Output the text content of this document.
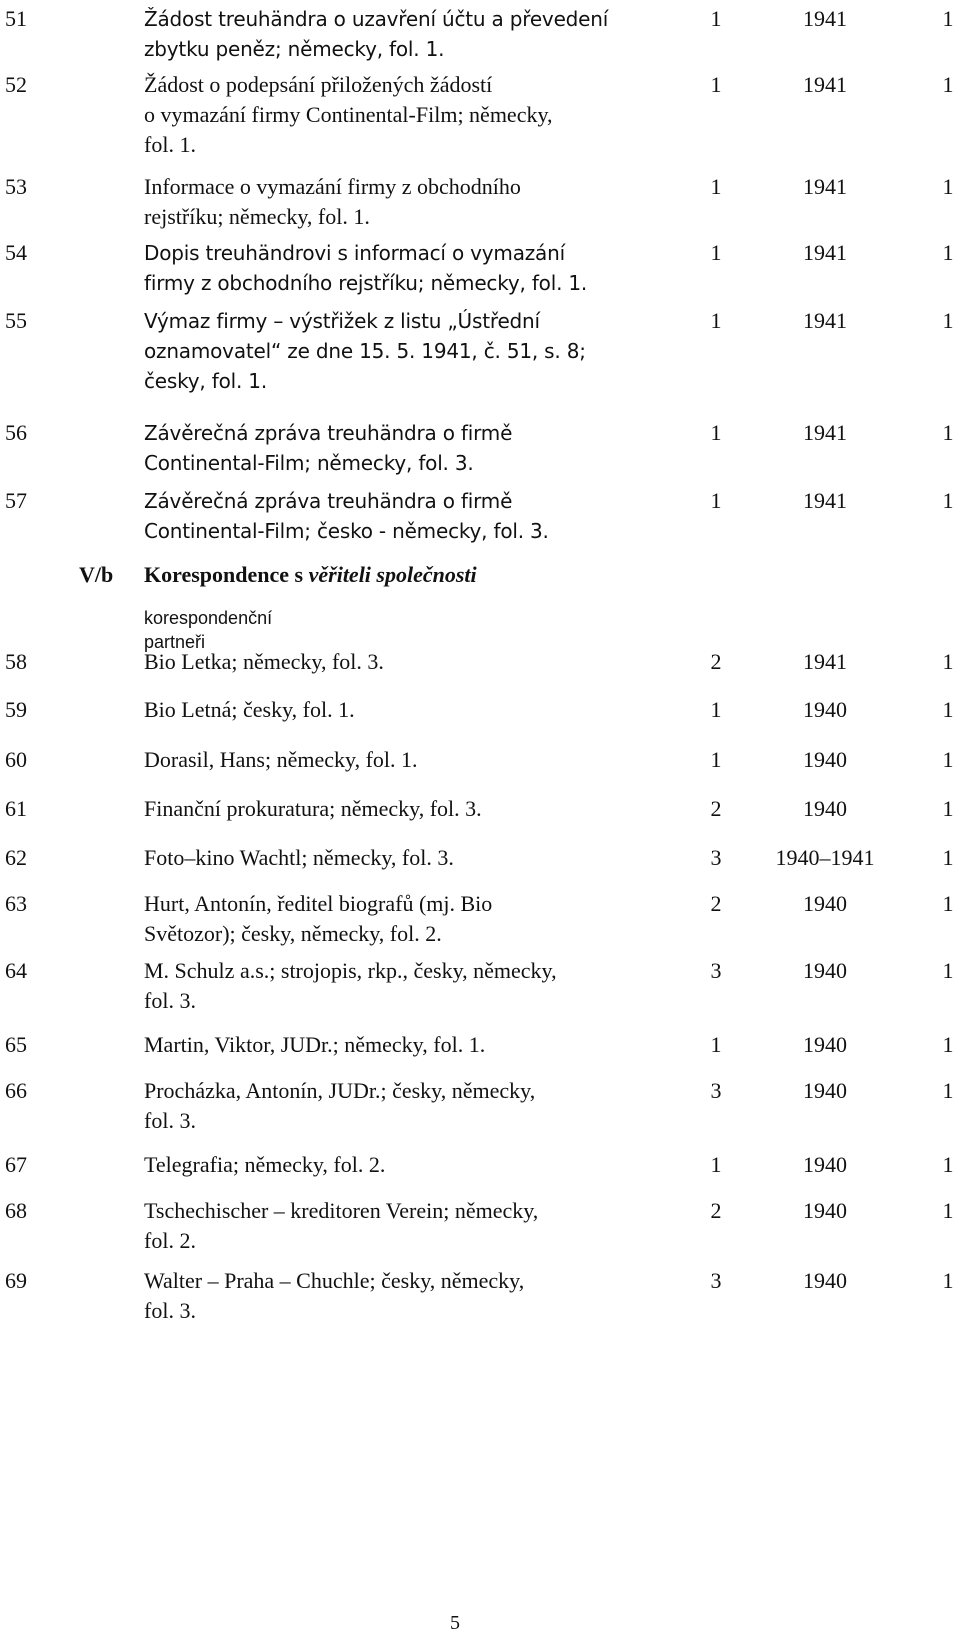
51	Žádost treuhändra o uzavření účtu a převedení
zbytku peněz; německy, fol. 1.
1	1941	1
52	Žádost o podepsání přiložených žádostí
o vymazání firmy Continental-Film; německy,
fol. 1.
1	1941	1
53	Informace o vymazání firmy z obchodního
rejstříku; německy, fol. 1.
1	1941	1
54	Dopis treuhändrovi s informací o vymazání
firmy z obchodního rejstříku; německy, fol. 1.
1	1941	1
55	Výmaz firmy – výstřižek z listu „Ústřední
oznamovatel“ ze dne 15. 5. 1941, č. 51, s. 8;
česky, fol. 1.
1	1941	1
56	Závěrečná zpráva treuhändra o firmě
Continental-Film; německy, fol. 3.
1	1941	1
57	Závěrečná zpráva treuhändra o firmě
Continental-Film; česko - německy, fol. 3.
1	1941	1
V/b Korespondence s věřiteli společnosti
korespondenční partneři
58	Bio Letka; německy, fol. 3.	2	1941	1
59	Bio Letná; česky, fol. 1.	1	1940	1
60	Dorasil, Hans; německy, fol. 1.	1	1940	1
61	Finanční prokuratura; německy, fol. 3.	2	1940	1
62	Foto–kino Wachtl; německy, fol. 3.	3	1940–1941	1
63	Hurt, Antonín, ředitel biografů (mj. Bio
Světozor); česky, německy, fol. 2.
2	1940	1
64	M. Schulz a.s.; strojopis, rkp., česky, německy,
fol. 3.
3	1940	1
65	Martin, Viktor, JUDr.; německy, fol. 1.	1	1940	1
66	Procházka, Antonín, JUDr.; česky, německy,
fol. 3.
3	1940	1
67	Telegrafia; německy, fol. 2.	1	1940	1
68	Tschechischer – kreditoren Verein; německy,
fol. 2.
2	1940	1
69	Walter – Praha – Chuchle; česky, německy,
fol. 3.
3	1940	1
5
